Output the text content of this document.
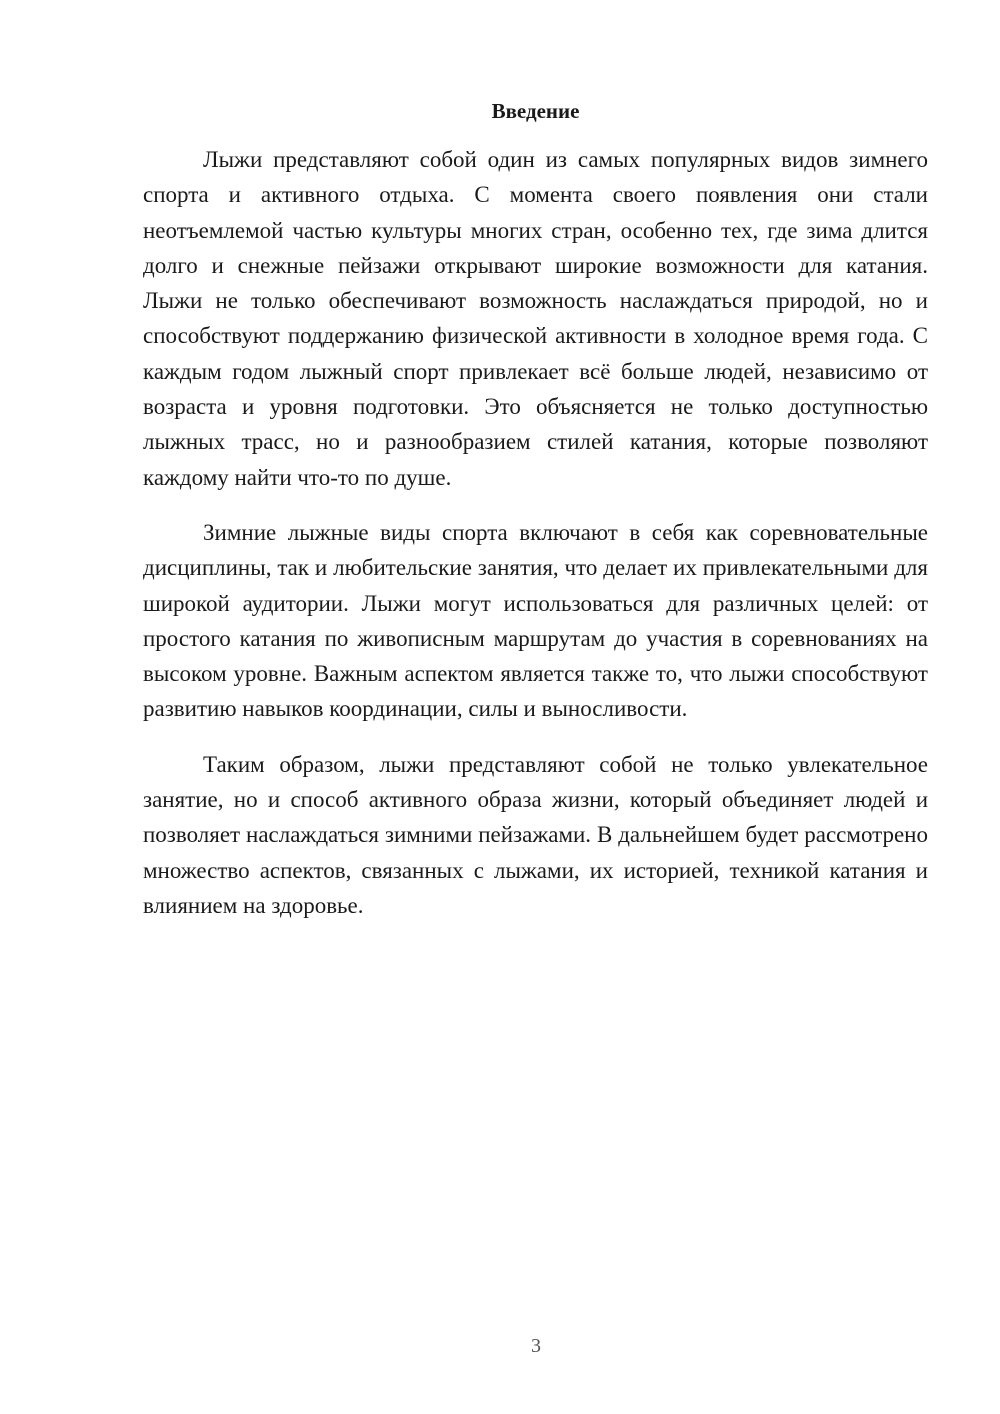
Введение

Лыжи представляют собой один из самых популярных видов зимнего спорта и активного отдыха. С момента своего появления они стали неотъемлемой частью культуры многих стран, особенно тех, где зима длится долго и снежные пейзажи открывают широкие возможности для катания. Лыжи не только обеспечивают возможность наслаждаться природой, но и способствуют поддержанию физической активности в холодное время года. С каждым годом лыжный спорт привлекает всё больше людей, независимо от возраста и уровня подготовки. Это объясняется не только доступностью лыжных трасс, но и разнообразием стилей катания, которые позволяют каждому найти что-то по душе.

Зимние лыжные виды спорта включают в себя как соревновательные дисциплины, так и любительские занятия, что делает их привлекательными для широкой аудитории. Лыжи могут использоваться для различных целей: от простого катания по живописным маршрутам до участия в соревнованиях на высоком уровне. Важным аспектом является также то, что лыжи способствуют развитию навыков координации, силы и выносливости.

Таким образом, лыжи представляют собой не только увлекательное занятие, но и способ активного образа жизни, который объединяет людей и позволяет наслаждаться зимними пейзажами. В дальнейшем будет рассмотрено множество аспектов, связанных с лыжами, их историей, техникой катания и влиянием на здоровье.

3
